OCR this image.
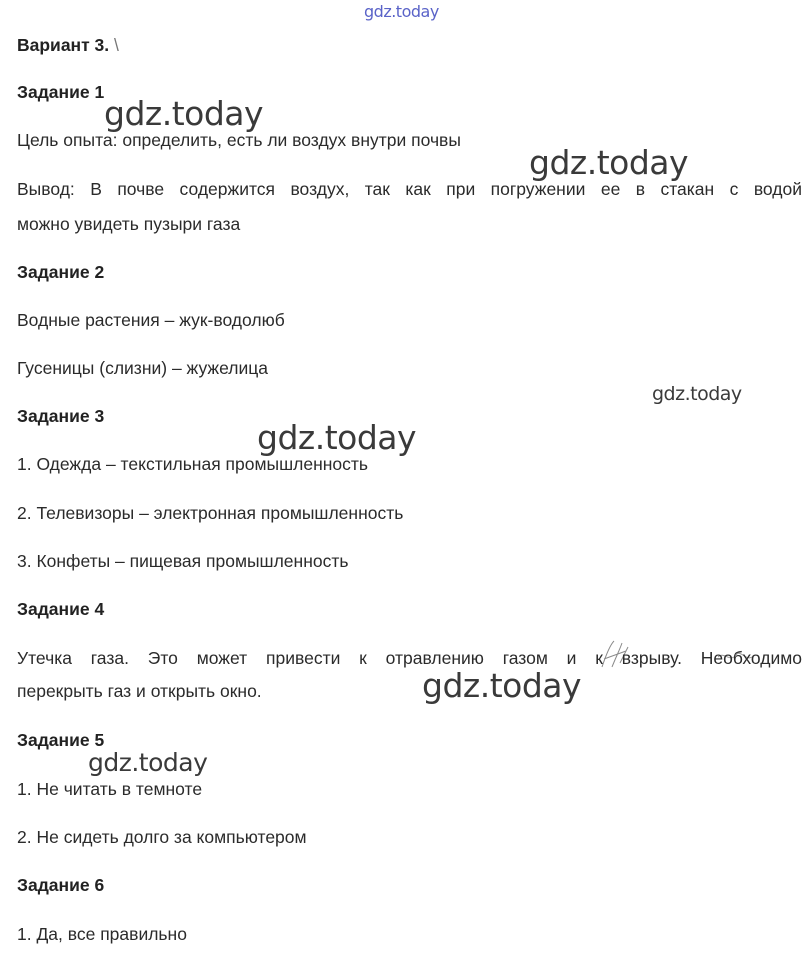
gdz.today
gdz.today
gdz.today
gdz.today
gdz.today
gdz.today
gdz.today

Вариант 3. \

Задание 1

Цель опыта: определить, есть ли воздух внутри почвы

Вывод: В почве содержится воздух, так как при погружении ее в стакан с водой

можно увидеть пузыри газа

Задание 2

Водные растения – жук-водолюб

Гусеницы (слизни) – жужелица

Задание 3

1. Одежда – текстильная промышленность

2. Телевизоры – электронная промышленность

3. Конфеты – пищевая промышленность

Задание 4

Утечка газа. Это может привести к отравлению газом и к взрыву. Необходимо

перекрыть газ и открыть окно.

Задание 5

1. Не читать в темноте

2. Не сидеть долго за компьютером

Задание 6

1. Да, все правильно
